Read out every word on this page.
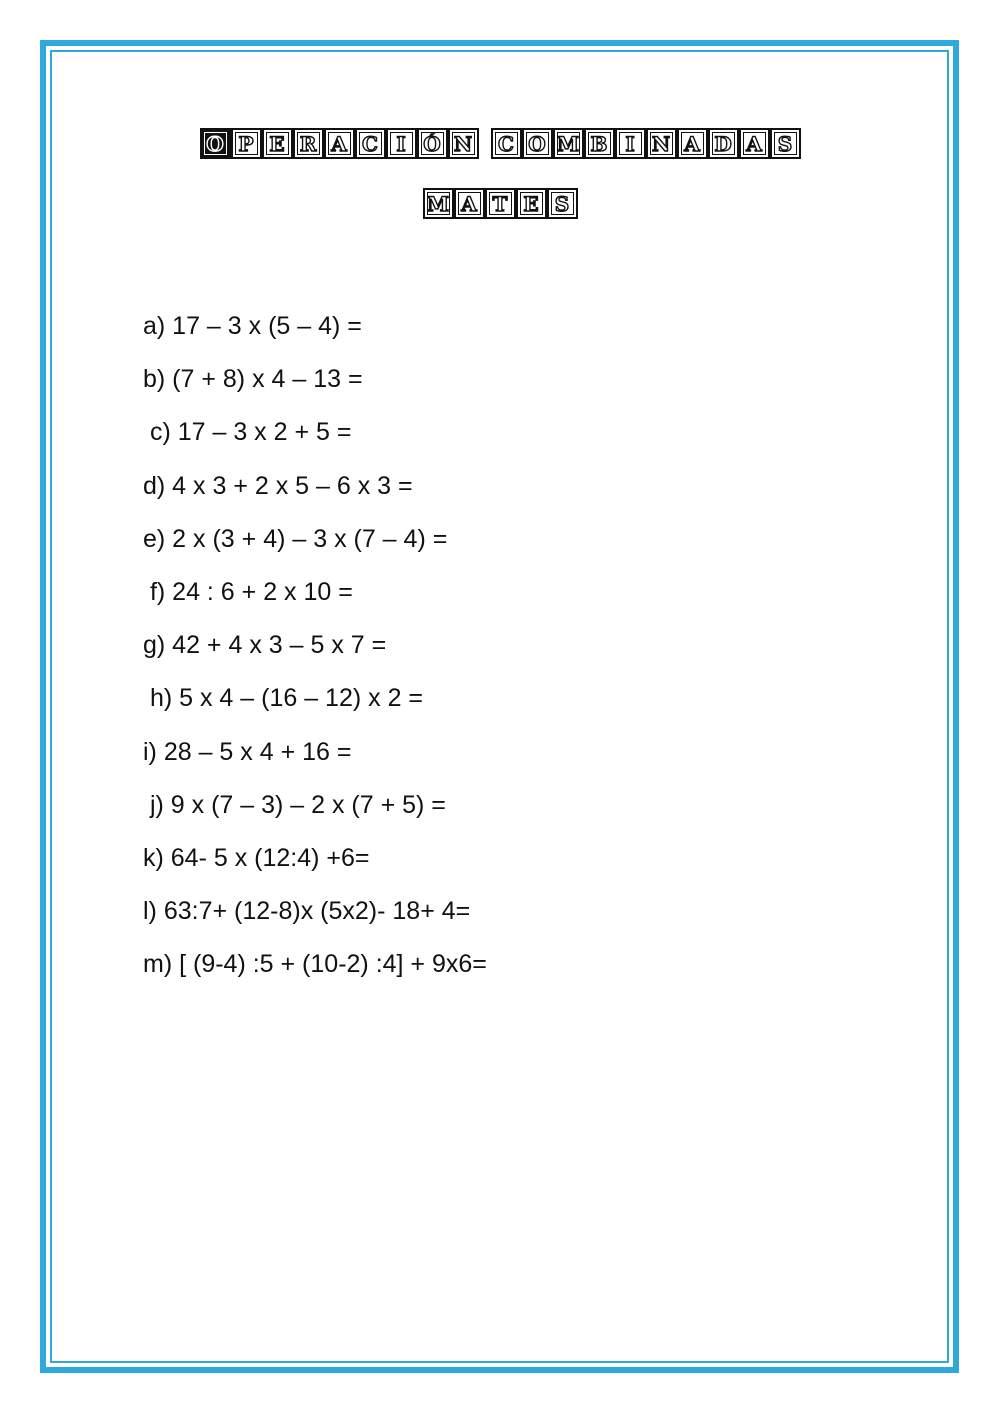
O P E R A C I Ó N C O M B I N A D A S
M A T E S
a) 17 – 3 x (5 – 4) =
b) (7 + 8) x 4 – 13 =
c) 17 – 3 x 2 + 5 =
d) 4 x 3 + 2 x 5 – 6 x 3 =
e) 2 x (3 + 4) – 3 x (7 – 4) =
f) 24 : 6 + 2 x 10 =
g) 42 + 4 x 3 – 5 x 7 =
h) 5 x 4 – (16 – 12) x 2 =
i) 28 – 5 x 4 + 16 =
j) 9 x (7 – 3) – 2 x (7 + 5) =
k) 64- 5 x (12:4) +6=
l) 63:7+ (12-8)x (5x2)- 18+ 4=
m) [ (9-4) :5 + (10-2) :4] + 9x6=
